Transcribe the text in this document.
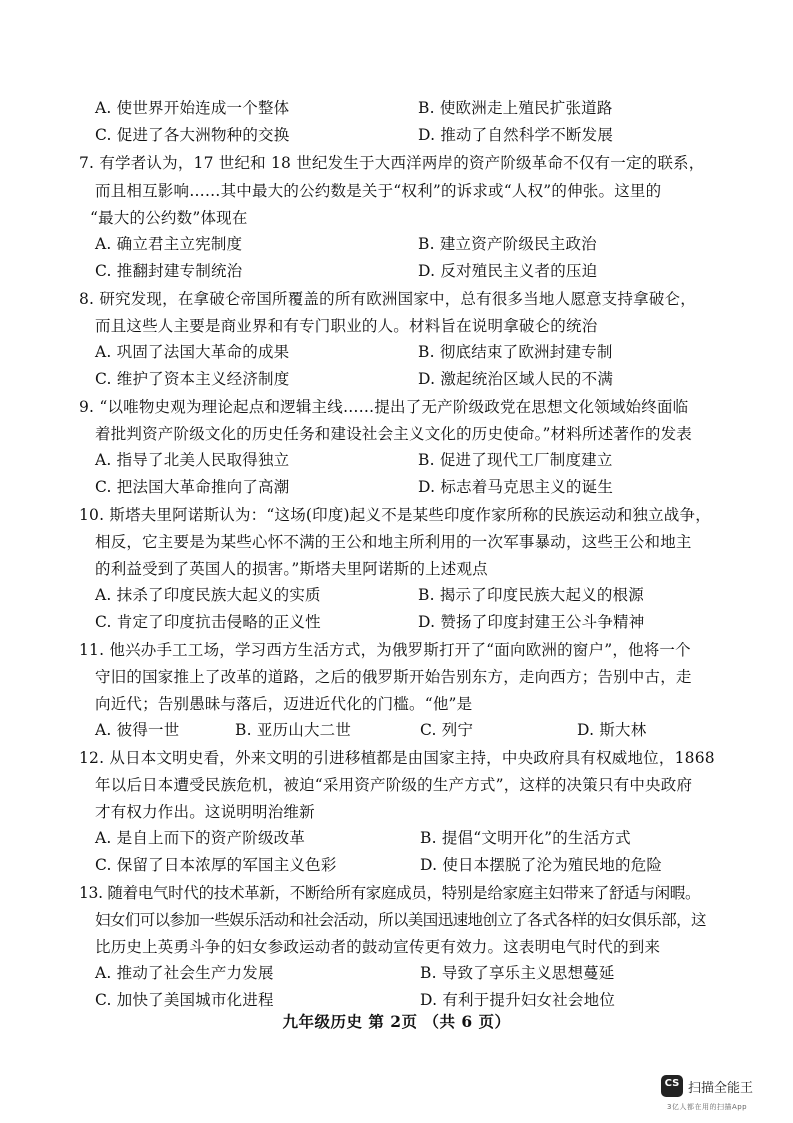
A. 使世界开始连成一个整体	B. 使欧洲走上殖民扩张道路
C. 促进了各大洲物种的交换	D. 推动了自然科学不断发展
7. 有学者认为，17 世纪和 18 世纪发生于大西洋两岸的资产阶级革命不仅有一定的联系，
而且相互影响……其中最大的公约数是关于“权利”的诉求或“人权”的伸张。这里的
“最大的公约数”体现在
A. 确立君主立宪制度	B. 建立资产阶级民主政治
C. 推翻封建专制统治	D. 反对殖民主义者的压迫
8. 研究发现，在拿破仑帝国所覆盖的所有欧洲国家中，总有很多当地人愿意支持拿破仑，
而且这些人主要是商业界和有专门职业的人。材料旨在说明拿破仑的统治
A. 巩固了法国大革命的成果	B. 彻底结束了欧洲封建专制
C. 维护了资本主义经济制度	D. 激起统治区域人民的不满
9. “以唯物史观为理论起点和逻辑主线……提出了无产阶级政党在思想文化领域始终面临
着批判资产阶级文化的历史任务和建设社会主义文化的历史使命。”材料所述著作的发表
A. 指导了北美人民取得独立	B. 促进了现代工厂制度建立
C. 把法国大革命推向了高潮	D. 标志着马克思主义的诞生
10. 斯塔夫里阿诺斯认为：“这场(印度)起义不是某些印度作家所称的民族运动和独立战争，
相反，它主要是为某些心怀不满的王公和地主所利用的一次军事暴动，这些王公和地主
的利益受到了英国人的损害。”斯塔夫里阿诺斯的上述观点
A. 抹杀了印度民族大起义的实质	B. 揭示了印度民族大起义的根源
C. 肯定了印度抗击侵略的正义性	D. 赞扬了印度封建王公斗争精神
11. 他兴办手工工场，学习西方生活方式，为俄罗斯打开了“面向欧洲的窗户”，他将一个
守旧的国家推上了改革的道路，之后的俄罗斯开始告别东方，走向西方；告别中古，走
向近代；告别愚昧与落后，迈进近代化的门槛。“他”是
A. 彼得一世	B. 亚历山大二世	C. 列宁	D. 斯大林
12. 从日本文明史看，外来文明的引进移植都是由国家主持，中央政府具有权威地位，1868
年以后日本遭受民族危机，被迫“采用资产阶级的生产方式”，这样的决策只有中央政府
才有权力作出。这说明明治维新
A. 是自上而下的资产阶级改革	B. 提倡“文明开化”的生活方式
C. 保留了日本浓厚的军国主义色彩	D. 使日本摆脱了沦为殖民地的危险
13. 随着电气时代的技术革新，不断给所有家庭成员，特别是给家庭主妇带来了舒适与闲暇。
妇女们可以参加一些娱乐活动和社会活动，所以美国迅速地创立了各式各样的妇女俱乐部，这
比历史上英勇斗争的妇女参政运动者的鼓动宣传更有效力。这表明电气时代的到来
A. 推动了社会生产力发展	B. 导致了享乐主义思想蔓延
C. 加快了美国城市化进程	D. 有利于提升妇女社会地位
九年级历史 第 2页 （共 6 页）
CS 扫描全能王
3亿人都在用的扫描App
